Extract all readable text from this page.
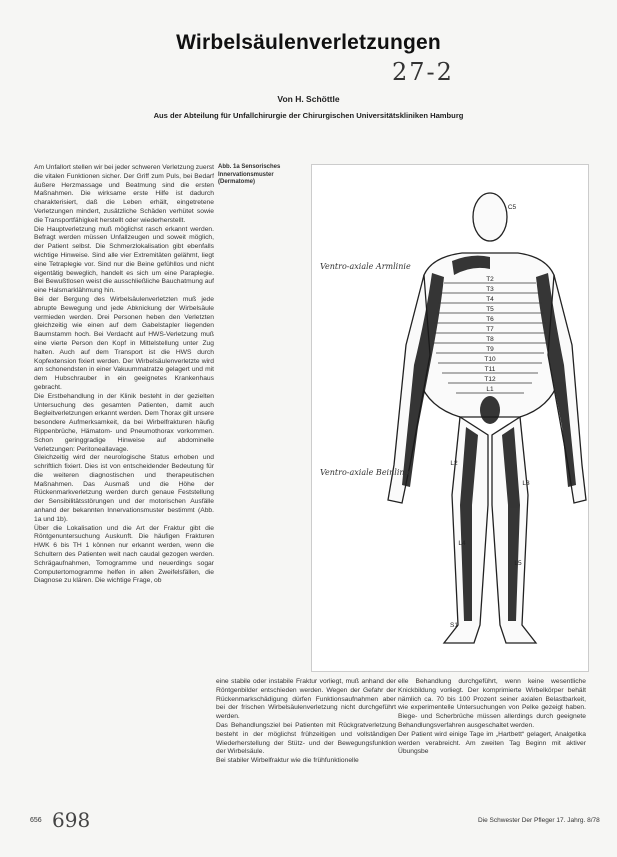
Wirbelsäulenverletzungen
27-2
Von H. Schöttle
Aus der Abteilung für Unfallchirurgie der Chirurgischen Universitätskliniken Hamburg

Am Unfallort stellen wir bei jeder schweren Verletzung zuerst die vitalen Funktionen sicher. Der Griff zum Puls, bei Bedarf äußere Herzmassage und Beatmung sind die ersten Maßnahmen. Die wirksame erste Hilfe ist dadurch charakterisiert, daß die Leben erhält, eingetretene Verletzungen mindert, zusätzliche Schäden verhütet sowie die Transportfähigkeit herstellt oder wiederherstellt.

Die Hauptverletzung muß möglichst rasch erkannt werden. Befragt werden müssen Unfallzeugen und soweit möglich, der Patient selbst. Die Schmerzlokalisation gibt ebenfalls wichtige Hinweise. Sind alle vier Extremitäten gelähmt, liegt eine Tetraplegie vor. Sind nur die Beine gefühllos und nicht eigentätig beweglich, handelt es sich um eine Paraplegie. Bei Bewußtlosen weist die ausschließliche Bauchatmung auf eine Halsmarklähmung hin.

Bei der Bergung des Wirbelsäulenverletzten muß jede abrupte Bewegung und jede Abknickung der Wirbelsäule vermieden werden. Drei Personen heben den Verletzten gleichzeitig wie einen auf dem Gabelstapler liegenden Baumstamm hoch. Bei Verdacht auf HWS-Verletzung muß eine vierte Person den Kopf in Mittelstellung unter Zug halten. Auch auf dem Transport ist die HWS durch Kopfextension fixiert werden. Der Wirbelsäulenverletzte wird am schonendsten in einer Vakuummatratze gelagert und mit dem Hubschrauber in ein geeignetes Krankenhaus gebracht.

Die Erstbehandlung in der Klinik besteht in der gezielten Untersuchung des gesamten Patienten, damit auch Begleitverletzungen erkannt werden. Dem Thorax gilt unsere besondere Aufmerksamkeit, da bei Wirbelfrakturen häufig Rippenbrüche, Hämatom- und Pneumothorax vorkommen. Schon geringgradige Hinweise auf abdominelle Verletzungen: Peritoneallavage.

Gleichzeitig wird der neurologische Status erhoben und schriftlich fixiert. Dies ist von entscheidender Bedeutung für die weiteren diagnostischen und therapeutischen Maßnahmen. Das Ausmaß und die Höhe der Rückenmarkverletzung werden durch genaue Feststellung der Sensibilitätsstörungen und der motorischen Ausfälle anhand der bekannten Innervationsmuster bestimmt (Abb. 1a und 1b).

Über die Lokalisation und die Art der Fraktur gibt die Röntgenuntersuchung Auskunft. Die häufigen Frakturen HWK 6 bis TH 1 können nur erkannt werden, wenn die Schultern des Patienten weit nach caudal gezogen werden. Schrägaufnahmen, Tomogramme und neuerdings sogar Computertomogramme helfen in allen Zweifelsfällen, die Diagnose zu klären. Die wichtige Frage, ob

Abb. 1a Sensorisches Innervationsmuster (Dermatome)
T2
T3
T4
T5
T6
T7
T8
T9
T10
T11
T12
L1
C5
L2
L3
L4
L5
S1
Ventro-axiale Armlinie
Ventro-axiale Beinlinie

eine stabile oder instabile Fraktur vorliegt, muß anhand der Röntgenbilder entschieden werden. Wegen der Gefahr der Rückenmarkschädigung dürfen Funktionsaufnahmen aber bei der frischen Wirbelsäulenverletzung nicht durchgeführt werden.

Das Behandlungsziel bei Patienten mit Rückgratverletzung besteht in der möglichst frühzeitigen und vollständigen Wiederherstellung der Stütz- und der Bewegungsfunktion der Wirbelsäule.

Bei stabiler Wirbelfraktur wie die frühfunktionelle

elle Behandlung durchgeführt, wenn keine wesentliche Knickbildung vorliegt. Der komprimierte Wirbelkörper behält nämlich ca. 70 bis 100 Prozent seiner axialen Belastbarkeit, wie experimentelle Untersuchungen von Pelke gezeigt haben. Biege- und Scherbrüche müssen allerdings durch geeignete Behandlungsverfahren ausgeschaltet werden.

Der Patient wird einige Tage im „Hartbett“ gelagert, Analgetika werden verabreicht. Am zweiten Tag Beginn mit aktiver Übungsbe

656 698	Die Schwester Der Pfleger 17. Jahrg. 8/78
